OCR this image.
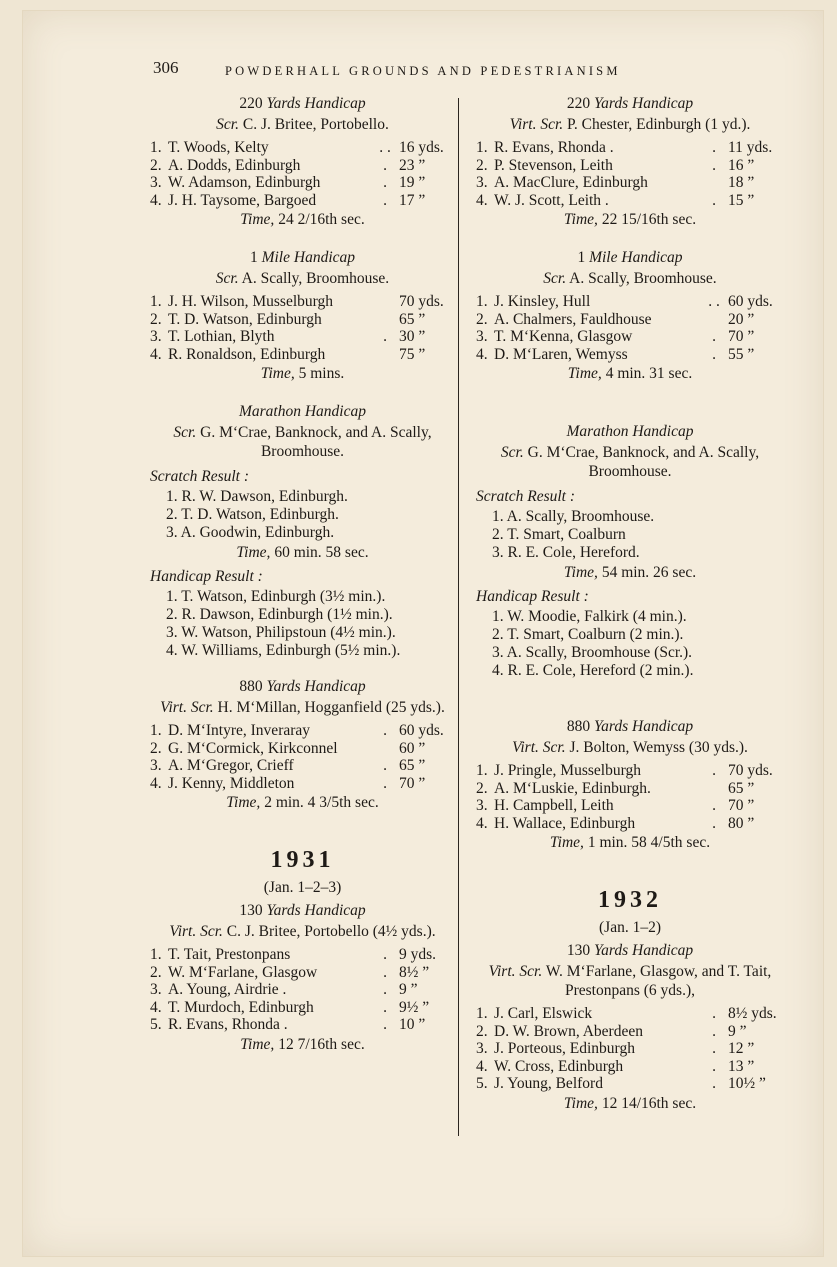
306	POWDERHALL GROUNDS AND PEDESTRIANISM
220 Yards Handicap
Scr. C. J. Britee, Portobello.
1. T. Woods, Kelty	. . 16 yds.
2. A. Dodds, Edinburgh	. 23 ”
3. W. Adamson, Edinburgh	. 19 ”
4. J. H. Taysome, Bargoed	. 17 ”
Time, 24 2/16th sec.
1 Mile Handicap
Scr. A. Scally, Broomhouse.
1. J. H. Wilson, Musselburgh	70 yds.
2. T. D. Watson, Edinburgh	65 ”
3. T. Lothian, Blyth	. 30 ”
4. R. Ronaldson, Edinburgh	75 ”
Time, 5 mins.
Marathon Handicap
Scr. G. M‘Crae, Banknock, and A. Scally, Broomhouse.
Scratch Result :
1. R. W. Dawson, Edinburgh.
2. T. D. Watson, Edinburgh.
3. A. Goodwin, Edinburgh.
Time, 60 min. 58 sec.
Handicap Result :
1. T. Watson, Edinburgh (3½ min.).
2. R. Dawson, Edinburgh (1½ min.).
3. W. Watson, Philipstoun (4½ min.).
4. W. Williams, Edinburgh (5½ min.).
880 Yards Handicap
Virt. Scr. H. M‘Millan, Hogganfield (25 yds.).
1. D. M‘Intyre, Inveraray	. 60 yds.
2. G. M‘Cormick, Kirkconnel	60 ”
3. A. M‘Gregor, Crieff	. 65 ”
4. J. Kenny, Middleton	. 70 ”
Time, 2 min. 4 3/5th sec.
1931
(Jan. 1–2–3)
130 Yards Handicap
Virt. Scr. C. J. Britee, Portobello (4½ yds.).
1. T. Tait, Prestonpans	. 9 yds.
2. W. M‘Farlane, Glasgow	. 8½ ”
3. A. Young, Airdrie .	. 9 ”
4. T. Murdoch, Edinburgh	. 9½ ”
5. R. Evans, Rhonda .	. 10 ”
Time, 12 7/16th sec.
220 Yards Handicap
Virt. Scr. P. Chester, Edinburgh (1 yd.).
1. R. Evans, Rhonda .	. 11 yds.
2. P. Stevenson, Leith	. 16 ”
3. A. MacClure, Edinburgh	18 ”
4. W. J. Scott, Leith .	. 15 ”
Time, 22 15/16th sec.
1 Mile Handicap
Scr. A. Scally, Broomhouse.
1. J. Kinsley, Hull	. . 60 yds.
2. A. Chalmers, Fauldhouse	20 ”
3. T. M‘Kenna, Glasgow	. 70 ”
4. D. M‘Laren, Wemyss	. 55 ”
Time, 4 min. 31 sec.
Marathon Handicap
Scr. G. M‘Crae, Banknock, and A. Scally, Broomhouse.
Scratch Result :
1. A. Scally, Broomhouse.
2. T. Smart, Coalburn
3. R. E. Cole, Hereford.
Time, 54 min. 26 sec.
Handicap Result :
1. W. Moodie, Falkirk (4 min.).
2. T. Smart, Coalburn (2 min.).
3. A. Scally, Broomhouse (Scr.).
4. R. E. Cole, Hereford (2 min.).
880 Yards Handicap
Virt. Scr. J. Bolton, Wemyss (30 yds.).
1. J. Pringle, Musselburgh	. 70 yds.
2. A. M‘Luskie, Edinburgh.	65 ”
3. H. Campbell, Leith	. 70 ”
4. H. Wallace, Edinburgh	. 80 ”
Time, 1 min. 58 4/5th sec.
1932
(Jan. 1–2)
130 Yards Handicap
Virt. Scr. W. M‘Farlane, Glasgow, and T. Tait, Prestonpans (6 yds.),
1. J. Carl, Elswick	. 8½ yds.
2. D. W. Brown, Aberdeen	. 9 ”
3. J. Porteous, Edinburgh	. 12 ”
4. W. Cross, Edinburgh	. 13 ”
5. J. Young, Belford	. 10½ ”
Time, 12 14/16th sec.
